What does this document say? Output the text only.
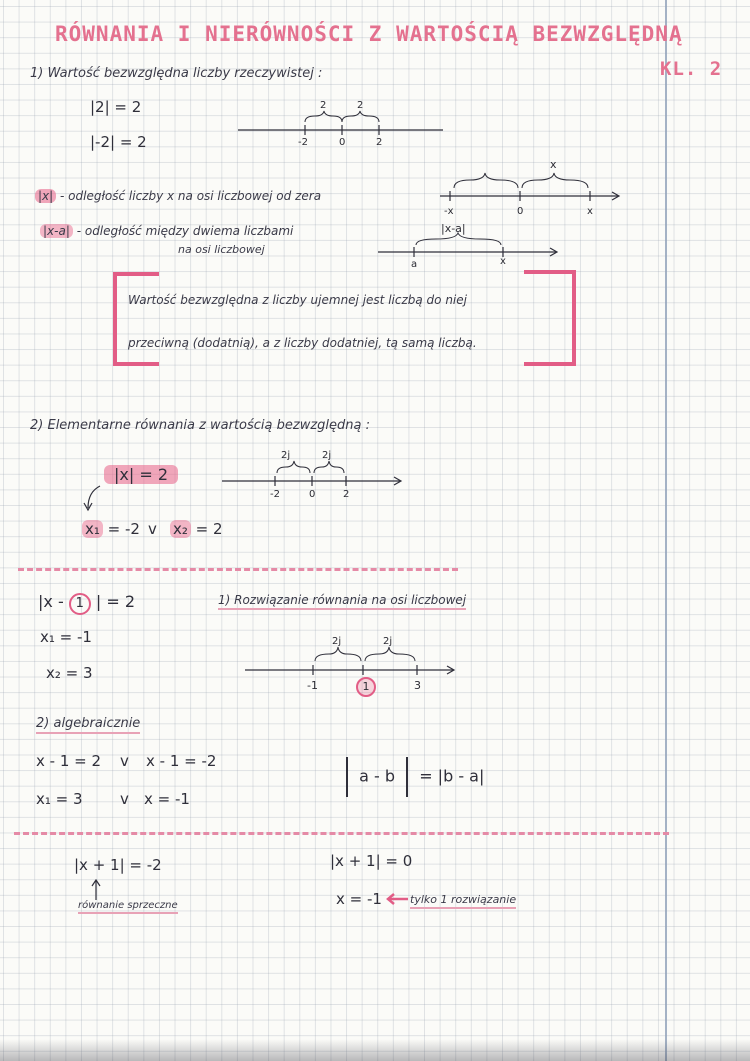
RÓWNANIA I NIERÓWNOŚCI Z WARTOŚCIĄ BEZWZGLĘDNĄ
KL. 2
1) Wartość bezwzględna liczby rzeczywistej :
|2| = 2
|-2| = 2
2	2
-2	0	2
|x| - odległość liczby x na osi liczbowej od zera
|x-a| - odległość między dwiema liczbami
na osi liczbowej
x
-x	0	x
|x-a|
a	x
Wartość bezwzględna z liczby ujemnej jest liczbą do niej
przeciwną (dodatnią), a z liczby dodatniej, tą samą liczbą.
2) Elementarne równania z wartością bezwzględną :
|x| = 2
x₁ = -2 v x₂ = 2
2j	2j
-2	0	2
|x - 1 | = 2
x₁ = -1
x₂ = 3
1) Rozwiązanie równania na osi liczbowej
2j	2j
-1	1	3
2) algebraicznie
x - 1 = 2 v x - 1 = -2
x₁ = 3 v x = -1
a - b = |b - a|
|x + 1| = -2
równanie sprzeczne
|x + 1| = 0
x = -1	tylko 1 rozwiązanie
